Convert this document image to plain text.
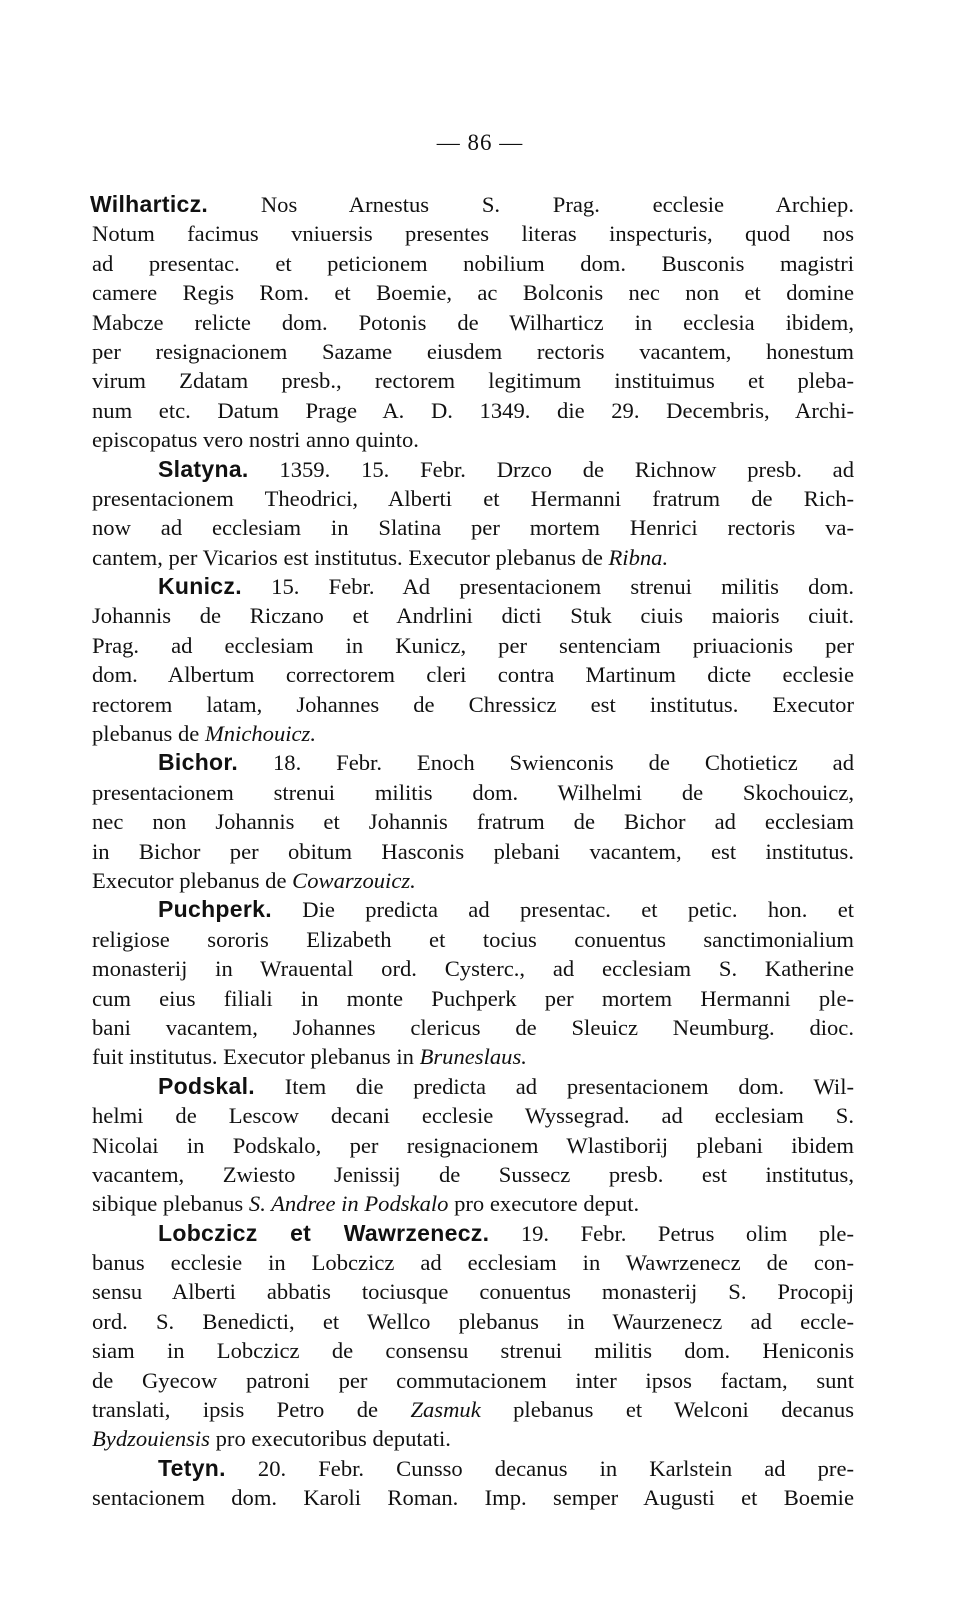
— 86 —
Wilharticz. Nos Arnestus S. Prag. ecclesie Archiep.
Notum facimus vniuersis presentes literas inspecturis, quod nos
ad presentac. et peticionem nobilium dom. Busconis magistri
camere Regis Rom. et Boemie, ac Bolconis nec non et domine
Mabcze relicte dom. Potonis de Wilharticz in ecclesia ibidem,
per resignacionem Sazame eiusdem rectoris vacantem, honestum
virum Zdatam presb., rectorem legitimum instituimus et pleba-
num etc. Datum Prage A. D. 1349. die 29. Decembris, Archi-
episcopatus vero nostri anno quinto.
Slatyna. 1359. 15. Febr. Drzco de Richnow presb. ad
presentacionem Theodrici, Alberti et Hermanni fratrum de Rich-
now ad ecclesiam in Slatina per mortem Henrici rectoris va-
cantem, per Vicarios est institutus. Executor plebanus de Ribna.
Kunicz. 15. Febr. Ad presentacionem strenui militis dom.
Johannis de Riczano et Andrlini dicti Stuk ciuis maioris ciuit.
Prag. ad ecclesiam in Kunicz, per sentenciam priuacionis per
dom. Albertum correctorem cleri contra Martinum dicte ecclesie
rectorem latam, Johannes de Chressicz est institutus. Executor
plebanus de Mnichouicz.
Bichor. 18. Febr. Enoch Swienconis de Chotieticz ad
presentacionem strenui militis dom. Wilhelmi de Skochouicz,
nec non Johannis et Johannis fratrum de Bichor ad ecclesiam
in Bichor per obitum Hasconis plebani vacantem, est institutus.
Executor plebanus de Cowarzouicz.
Puchperk. Die predicta ad presentac. et petic. hon. et
religiose sororis Elizabeth et tocius conuentus sanctimonialium
monasterij in Wrauental ord. Cysterc., ad ecclesiam S. Katherine
cum eius filiali in monte Puchperk per mortem Hermanni ple-
bani vacantem, Johannes clericus de Sleuicz Neumburg. dioc.
fuit institutus. Executor plebanus in Bruneslaus.
Podskal. Item die predicta ad presentacionem dom. Wil-
helmi de Lescow decani ecclesie Wyssegrad. ad ecclesiam S.
Nicolai in Podskalo, per resignacionem Wlastiborij plebani ibidem
vacantem, Zwiesto Jenissij de Sussecz presb. est institutus,
sibique plebanus S. Andree in Podskalo pro executore deput.
Lobczicz et Wawrzenecz. 19. Febr. Petrus olim ple-
banus ecclesie in Lobczicz ad ecclesiam in Wawrzenecz de con-
sensu Alberti abbatis tociusque conuentus monasterij S. Procopij
ord. S. Benedicti, et Wellco plebanus in Waurzenecz ad eccle-
siam in Lobczicz de consensu strenui militis dom. Heniconis
de Gyecow patroni per commutacionem inter ipsos factam, sunt
translati, ipsis Petro de Zasmuk plebanus et Welconi decanus
Bydzouiensis pro executoribus deputati.
Tetyn. 20. Febr. Cunsso decanus in Karlstein ad pre-
sentacionem dom. Karoli Roman. Imp. semper Augusti et Boemie
